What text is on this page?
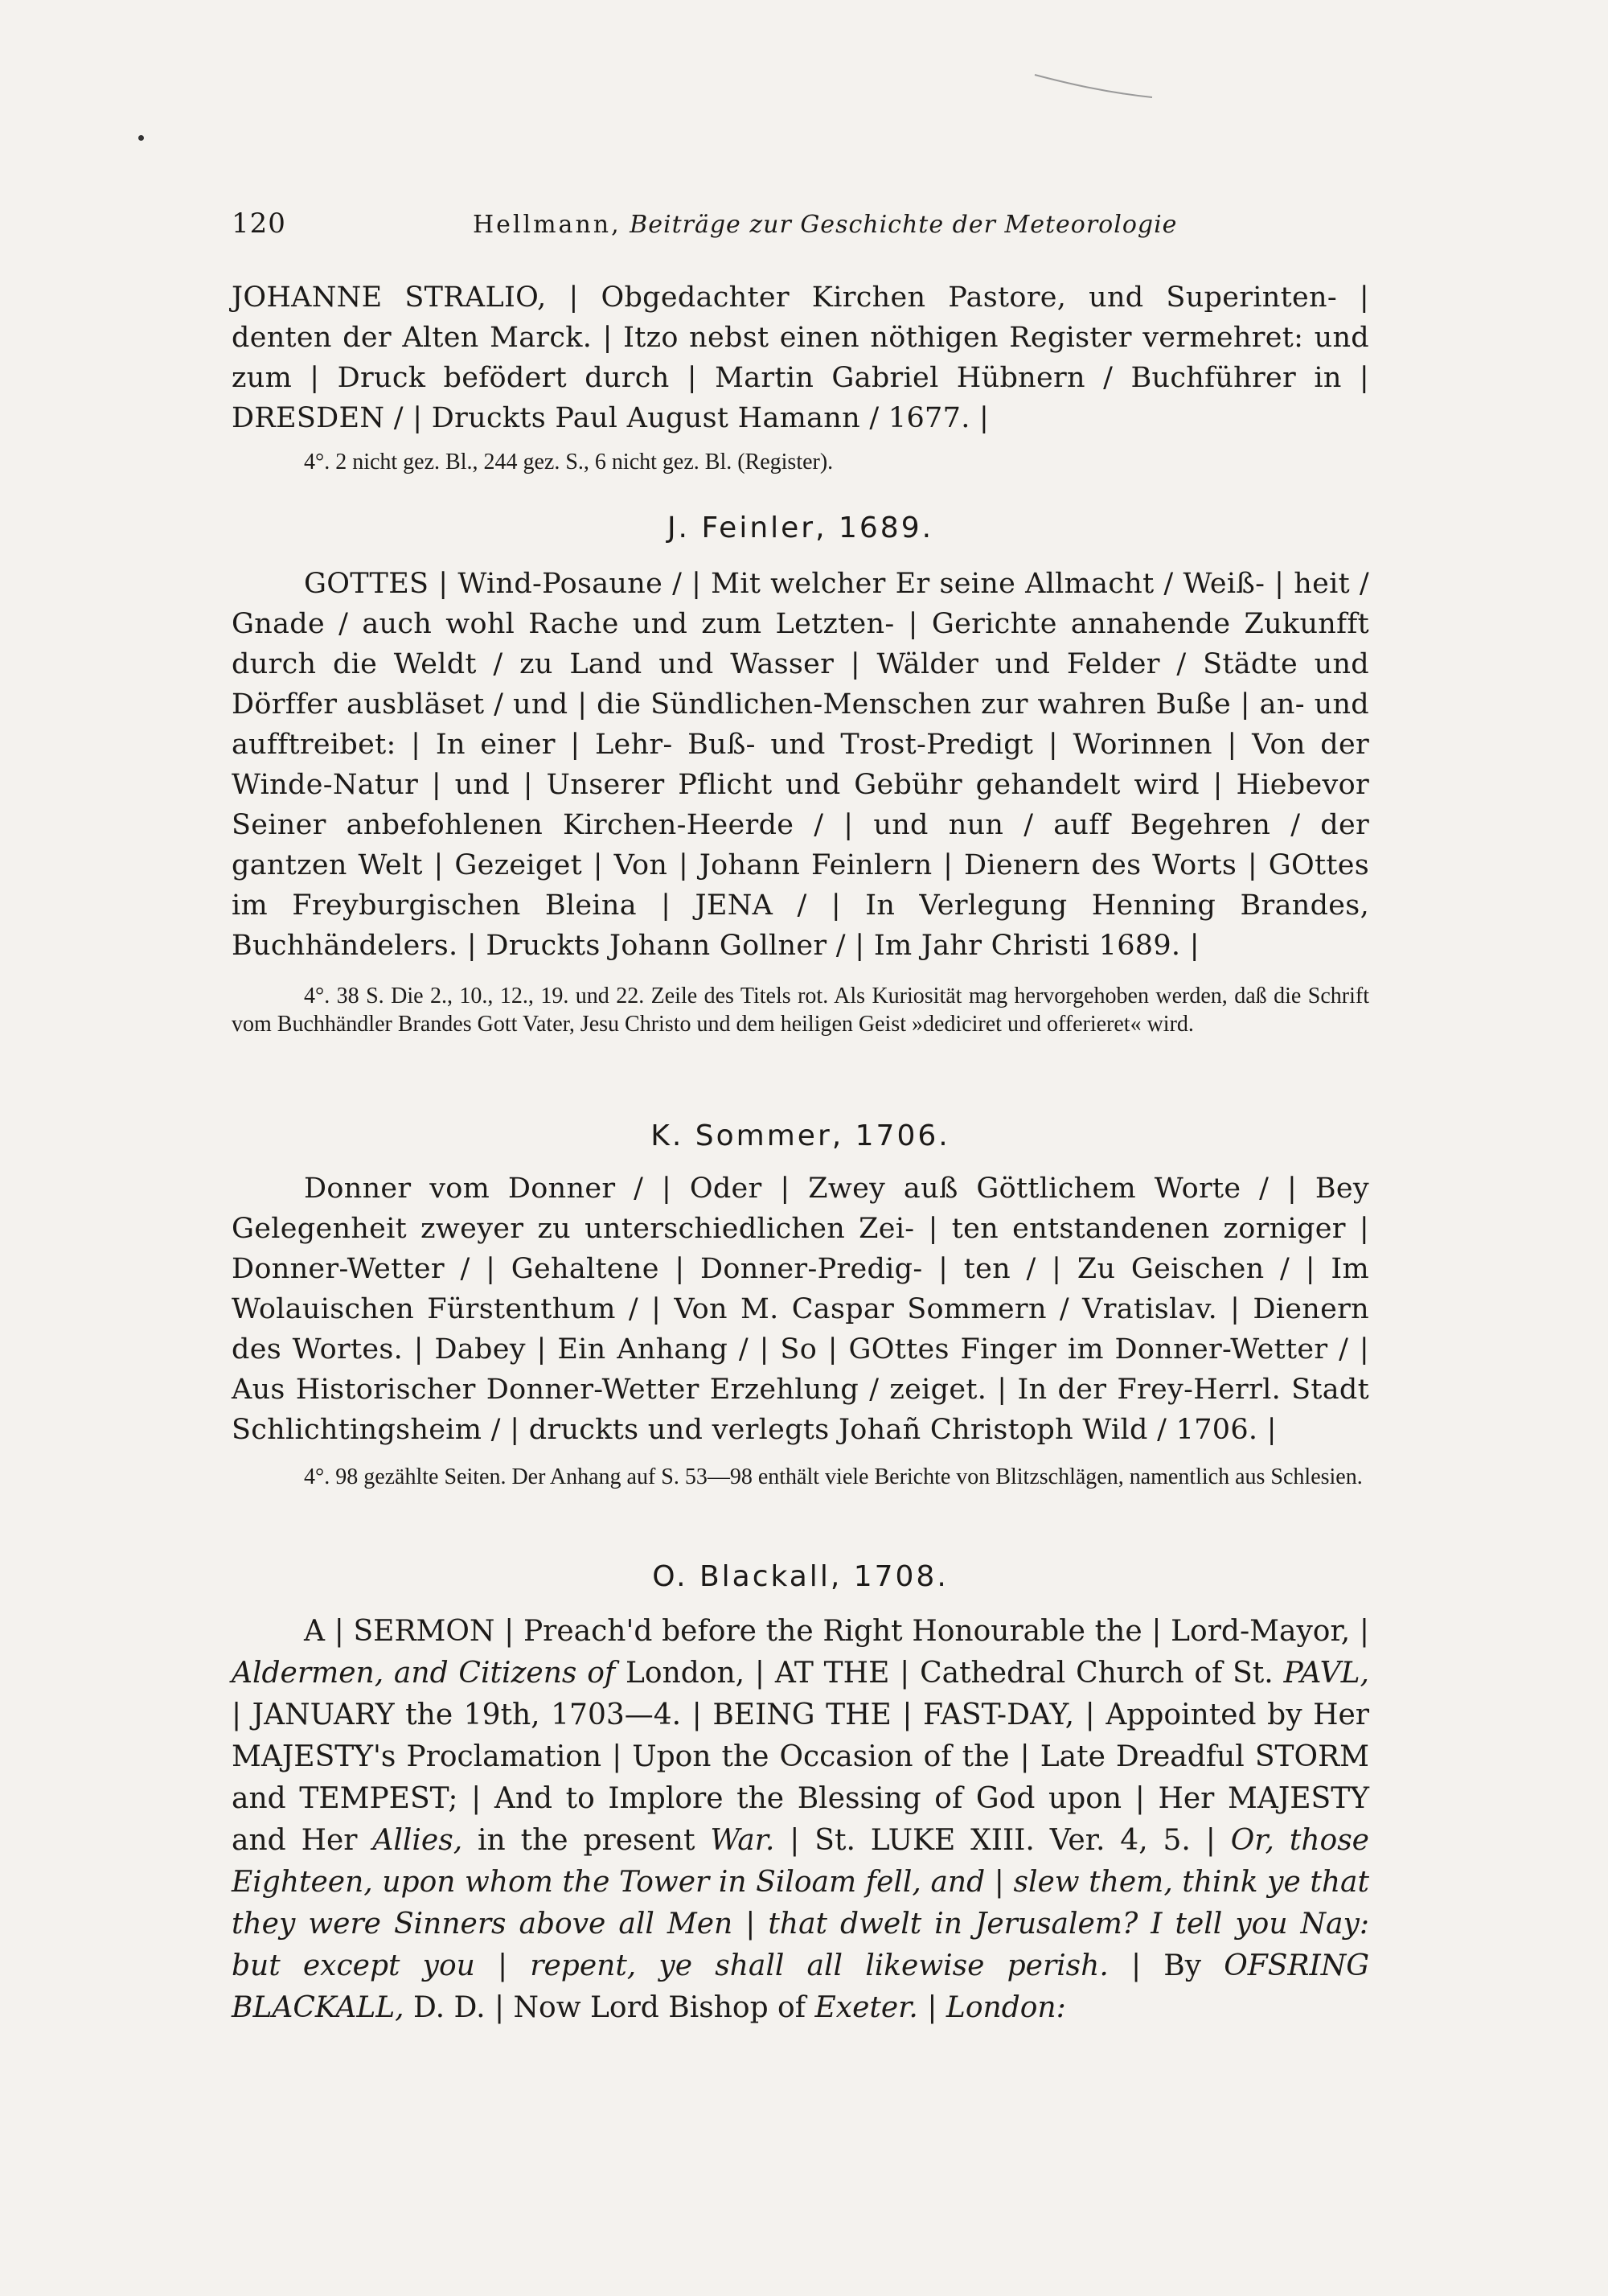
120	Hellmann, Beiträge zur Geschichte der Meteorologie

JOHANNE STRALIO, | Obgedachter Kirchen Pastore, und Superinten- | denten der Alten Marck. | Itzo nebst einen nöthigen Register vermehret: und zum | Druck befödert durch | Martin Gabriel Hübnern / Buchführer in | DRESDEN / | Druckts Paul August Hamann / 1677. |

4°. 2 nicht gez. Bl., 244 gez. S., 6 nicht gez. Bl. (Register).

J. Feinler, 1689.

GOTTES | Wind-Posaune / | Mit welcher Er seine Allmacht / Weiß- | heit / Gnade / auch wohl Rache und zum Letzten- | Gerichte annahende Zukunfft durch die Weldt / zu Land und Wasser | Wälder und Felder / Städte und Dörffer ausbläset / und | die Sündlichen-Menschen zur wahren Buße | an- und aufftreibet: | In einer | Lehr- Buß- und Trost-Predigt | Worinnen | Von der Winde-Natur | und | Unserer Pflicht und Gebühr gehandelt wird | Hiebevor Seiner anbefohlenen Kirchen-Heerde / | und nun / auff Begehren / der gantzen Welt | Gezeiget | Von | Johann Feinlern | Dienern des Worts | GOttes im Freyburgischen Bleina | JENA / | In Verlegung Henning Brandes, Buchhändelers. | Druckts Johann Gollner / | Im Jahr Christi 1689. |

4°. 38 S. Die 2., 10., 12., 19. und 22. Zeile des Titels rot. Als Kuriosität mag hervorgehoben werden, daß die Schrift vom Buchhändler Brandes Gott Vater, Jesu Christo und dem heiligen Geist »dediciret und offerieret« wird.

K. Sommer, 1706.

Donner vom Donner / | Oder | Zwey auß Göttlichem Worte / | Bey Gelegenheit zweyer zu unterschiedlichen Zei- | ten entstandenen zorniger | Donner-Wetter / | Gehaltene | Donner-Predig- | ten / | Zu Geischen / | Im Wolauischen Fürstenthum / | Von M. Caspar Sommern / Vratislav. | Dienern des Wortes. | Dabey | Ein Anhang / | So | GOttes Finger im Donner-Wetter / | Aus Historischer Donner-Wetter Erzehlung / zeiget. | In der Frey-Herrl. Stadt Schlichtingsheim / | druckts und verlegts Johañ Christoph Wild / 1706. |

4°. 98 gezählte Seiten. Der Anhang auf S. 53—98 enthält viele Berichte von Blitzschlägen, namentlich aus Schlesien.

O. Blackall, 1708.

A | SERMON | Preach'd before the Right Honourable the | Lord-Mayor, | Aldermen, and Citizens of London, | AT THE | Cathedral Church of St. PAVL, | JANUARY the 19th, 1703—4. | BEING THE | FAST-DAY, | Appointed by Her MAJESTY's Proclamation | Upon the Occasion of the | Late Dreadful STORM and TEMPEST; | And to Implore the Blessing of God upon | Her MAJESTY and Her Allies, in the present War. | St. LUKE XIII. Ver. 4, 5. | Or, those Eighteen, upon whom the Tower in Siloam fell, and | slew them, think ye that they were Sinners above all Men | that dwelt in Jerusalem? I tell you Nay: but except you | repent, ye shall all likewise perish. | By OFSRING BLACKALL, D. D. | Now Lord Bishop of Exeter. | London:
